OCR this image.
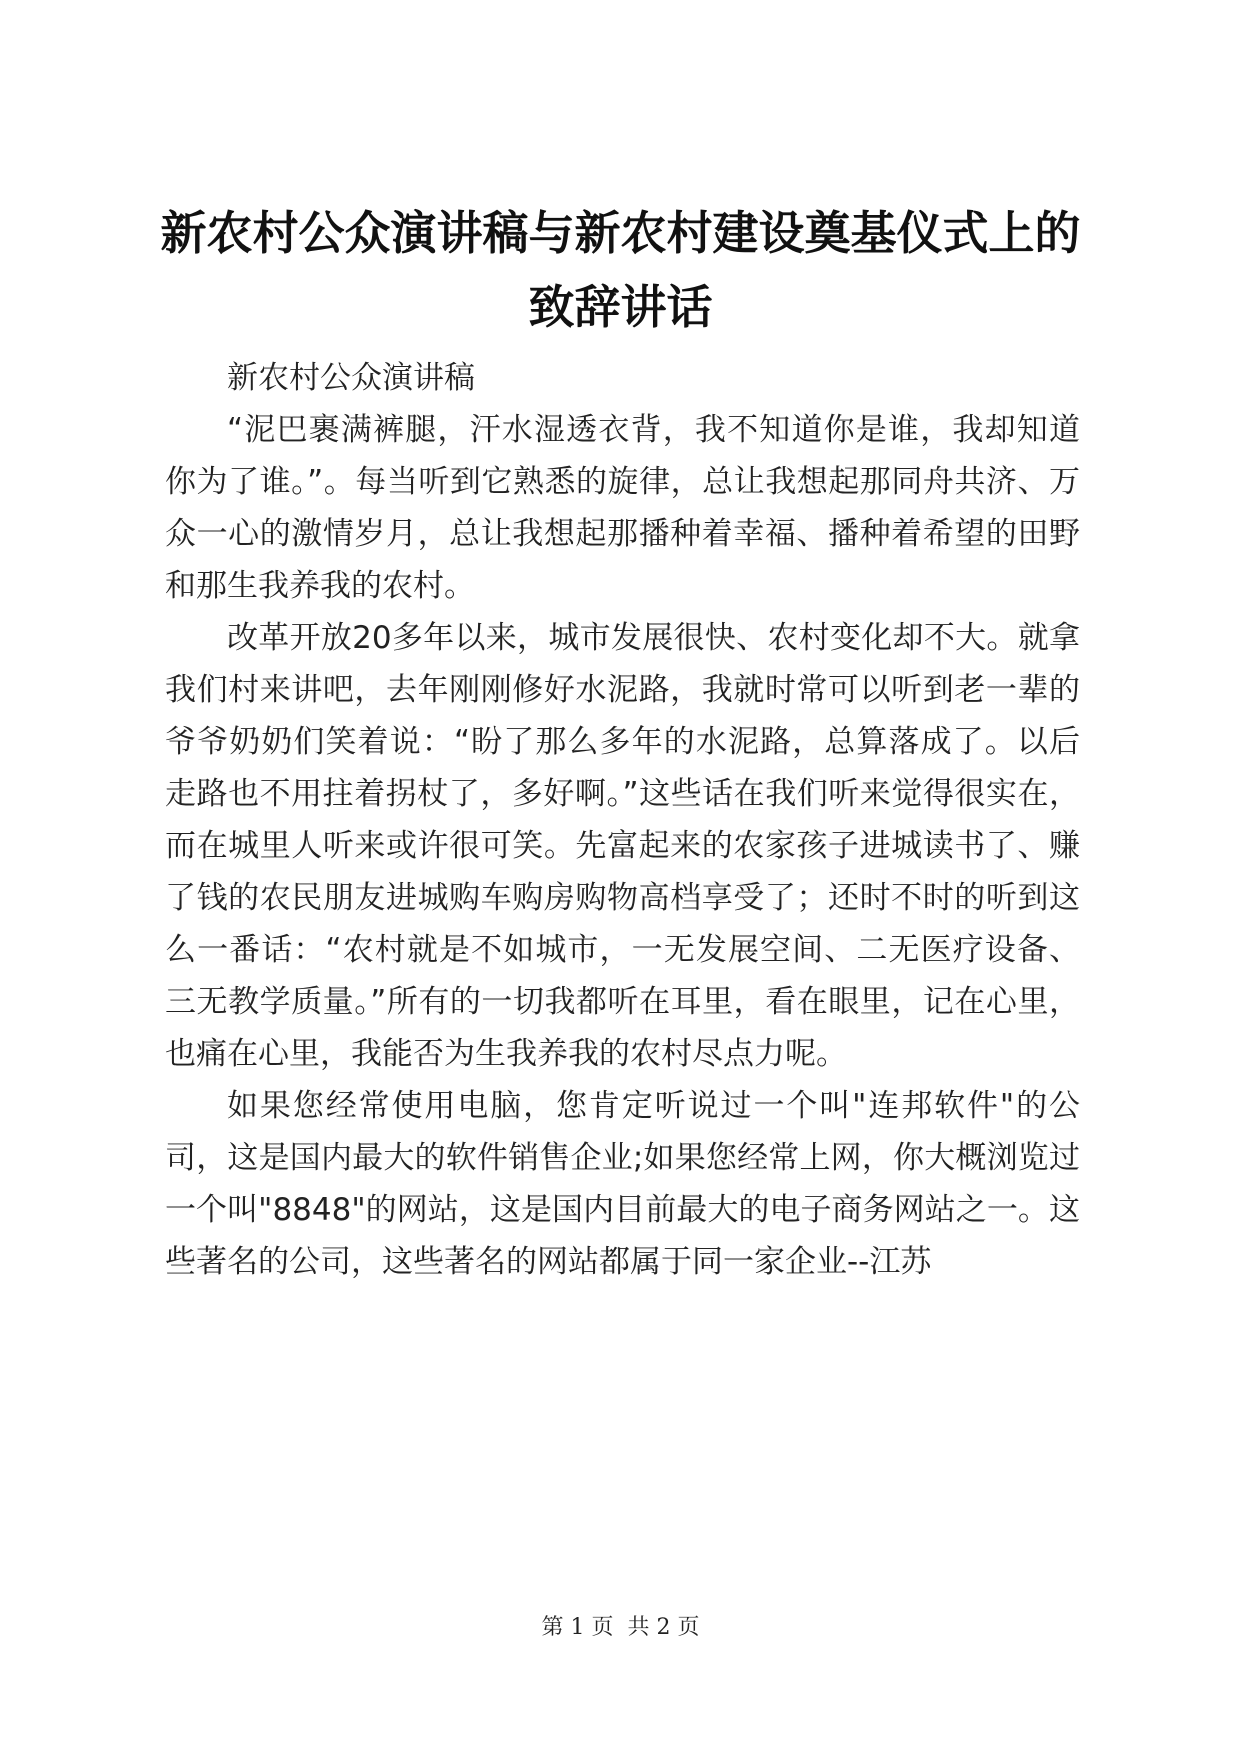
新农村公众演讲稿与新农村建设奠基仪式上的致辞讲话

新农村公众演讲稿

“泥巴裹满裤腿，汗水湿透衣背，我不知道你是谁，我却知道你为了谁。”。每当听到它熟悉的旋律，总让我想起那同舟共济、万众一心的激情岁月，总让我想起那播种着幸福、播种着希望的田野和那生我养我的农村。

改革开放20多年以来，城市发展很快、农村变化却不大。就拿我们村来讲吧，去年刚刚修好水泥路，我就时常可以听到老一辈的爷爷奶奶们笑着说：“盼了那么多年的水泥路，总算落成了。以后走路也不用拄着拐杖了，多好啊。”这些话在我们听来觉得很实在，而在城里人听来或许很可笑。先富起来的农家孩子进城读书了、赚了钱的农民朋友进城购车购房购物高档享受了；还时不时的听到这么一番话：“农村就是不如城市，一无发展空间、二无医疗设备、三无教学质量。”所有的一切我都听在耳里，看在眼里，记在心里，也痛在心里，我能否为生我养我的农村尽点力呢。

如果您经常使用电脑，您肯定听说过一个叫"连邦软件"的公司，这是国内最大的软件销售企业;如果您经常上网，你大概浏览过一个叫"8848"的网站，这是国内目前最大的电子商务网站之一。这些著名的公司，这些著名的网站都属于同一家企业--江苏

第 1 页  共 2 页
